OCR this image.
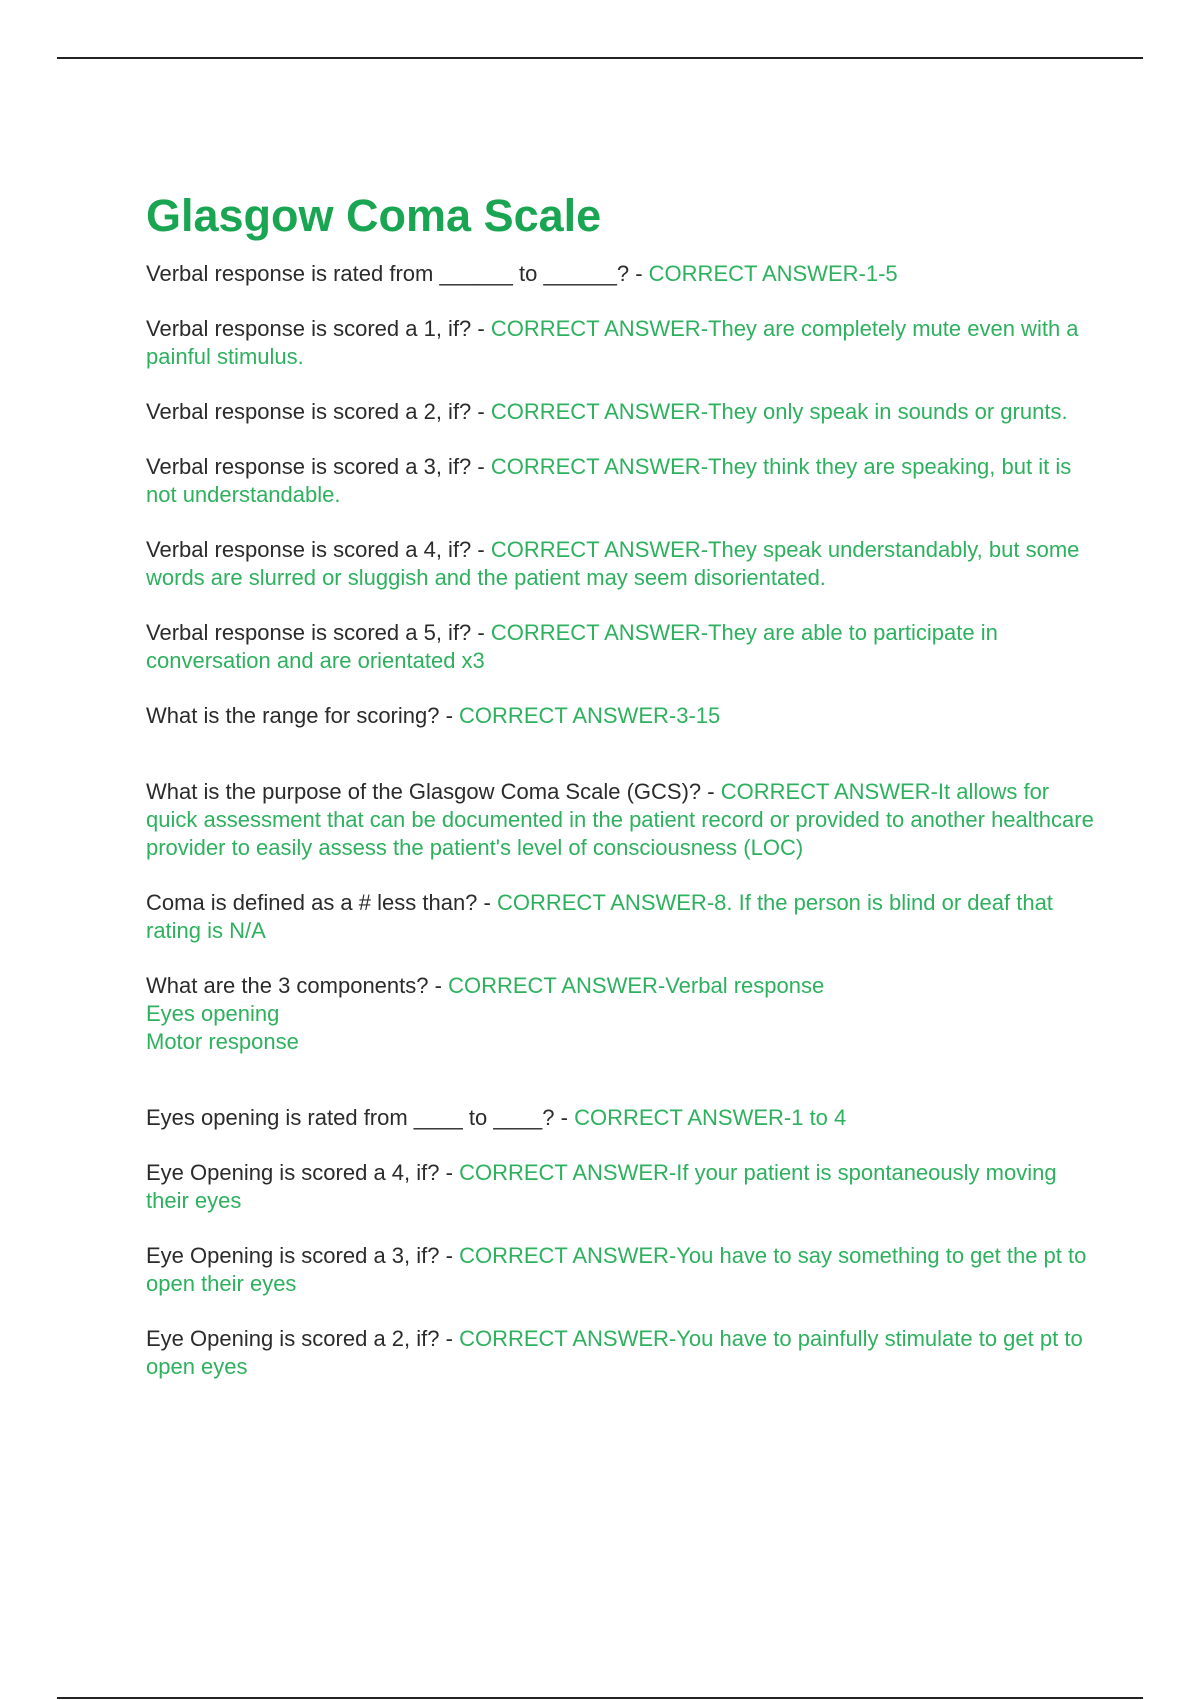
Glasgow Coma Scale

Verbal response is rated from ______ to ______? - CORRECT ANSWER-1-5

Verbal response is scored a 1, if? - CORRECT ANSWER-They are completely mute even with a painful stimulus.

Verbal response is scored a 2, if? - CORRECT ANSWER-They only speak in sounds or grunts.

Verbal response is scored a 3, if? - CORRECT ANSWER-They think they are speaking, but it is not understandable.

Verbal response is scored a 4, if? - CORRECT ANSWER-They speak understandably, but some words are slurred or sluggish and the patient may seem disorientated.

Verbal response is scored a 5, if? - CORRECT ANSWER-They are able to participate in conversation and are orientated x3

What is the range for scoring? - CORRECT ANSWER-3-15

What is the purpose of the Glasgow Coma Scale (GCS)? - CORRECT ANSWER-It allows for quick assessment that can be documented in the patient record or provided to another healthcare provider to easily assess the patient's level of consciousness (LOC)

Coma is defined as a # less than? - CORRECT ANSWER-8. If the person is blind or deaf that rating is N/A

What are the 3 components? - CORRECT ANSWER-Verbal response
Eyes opening
Motor response

Eyes opening is rated from ____ to ____? - CORRECT ANSWER-1 to 4

Eye Opening is scored a 4, if? - CORRECT ANSWER-If your patient is spontaneously moving their eyes

Eye Opening is scored a 3, if? - CORRECT ANSWER-You have to say something to get the pt to open their eyes

Eye Opening is scored a 2, if? - CORRECT ANSWER-You have to painfully stimulate to get pt to open eyes
